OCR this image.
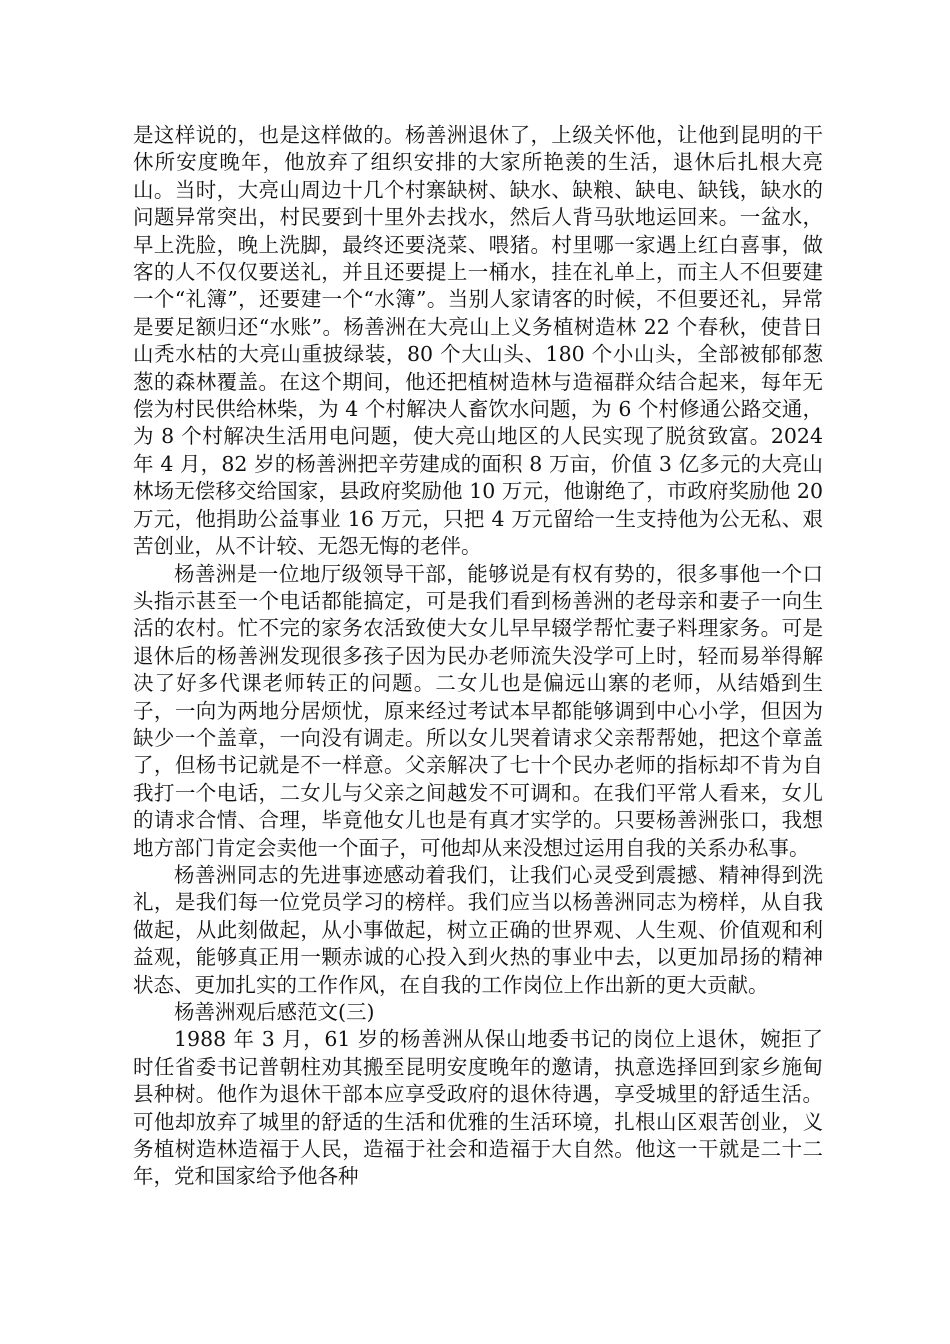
是这样说的，也是这样做的。杨善洲退休了，上级关怀他，让他到昆明的干休所安度晚年，他放弃了组织安排的大家所艳羡的生活，退休后扎根大亮山。当时，大亮山周边十几个村寨缺树、缺水、缺粮、缺电、缺钱，缺水的问题异常突出，村民要到十里外去找水，然后人背马驮地运回来。一盆水，早上洗脸，晚上洗脚，最终还要浇菜、喂猪。村里哪一家遇上红白喜事，做客的人不仅仅要送礼，并且还要提上一桶水，挂在礼单上，而主人不但要建一个“礼簿”，还要建一个“水簿”。当别人家请客的时候，不但要还礼，异常是要足额归还“水账”。杨善洲在大亮山上义务植树造林 22 个春秋，使昔日山秃水枯的大亮山重披绿装，80 个大山头、180 个小山头，全部被郁郁葱葱的森林覆盖。在这个期间，他还把植树造林与造福群众结合起来，每年无偿为村民供给林柴，为 4 个村解决人畜饮水问题，为 6 个村修通公路交通，为 8 个村解决生活用电问题，使大亮山地区的人民实现了脱贫致富。2024 年 4 月，82 岁的杨善洲把辛劳建成的面积 8 万亩，价值 3 亿多元的大亮山林场无偿移交给国家，县政府奖励他 10 万元，他谢绝了，市政府奖励他 20 万元，他捐助公益事业 16 万元，只把 4 万元留给一生支持他为公无私、艰苦创业，从不计较、无怨无悔的老伴。

杨善洲是一位地厅级领导干部，能够说是有权有势的，很多事他一个口头指示甚至一个电话都能搞定，可是我们看到杨善洲的老母亲和妻子一向生活的农村。忙不完的家务农活致使大女儿早早辍学帮忙妻子料理家务。可是退休后的杨善洲发现很多孩子因为民办老师流失没学可上时，轻而易举得解决了好多代课老师转正的问题。二女儿也是偏远山寨的老师，从结婚到生子，一向为两地分居烦忧，原来经过考试本早都能够调到中心小学，但因为缺少一个盖章，一向没有调走。所以女儿哭着请求父亲帮帮她，把这个章盖了，但杨书记就是不一样意。父亲解决了七十个民办老师的指标却不肯为自我打一个电话，二女儿与父亲之间越发不可调和。在我们平常人看来，女儿的请求合情、合理，毕竟他女儿也是有真才实学的。只要杨善洲张口，我想地方部门肯定会卖他一个面子，可他却从来没想过运用自我的关系办私事。

杨善洲同志的先进事迹感动着我们，让我们心灵受到震撼、精神得到洗礼，是我们每一位党员学习的榜样。我们应当以杨善洲同志为榜样，从自我做起，从此刻做起，从小事做起，树立正确的世界观、人生观、价值观和利益观，能够真正用一颗赤诚的心投入到火热的事业中去，以更加昂扬的精神状态、更加扎实的工作作风，在自我的工作岗位上作出新的更大贡献。

杨善洲观后感范文(三)

1988 年 3 月，61 岁的杨善洲从保山地委书记的岗位上退休，婉拒了时任省委书记普朝柱劝其搬至昆明安度晚年的邀请，执意选择回到家乡施甸县种树。他作为退休干部本应享受政府的退休待遇，享受城里的舒适生活。可他却放弃了城里的舒适的生活和优雅的生活环境，扎根山区艰苦创业，义务植树造林造福于人民，造福于社会和造福于大自然。他这一干就是二十二年，党和国家给予他各种
